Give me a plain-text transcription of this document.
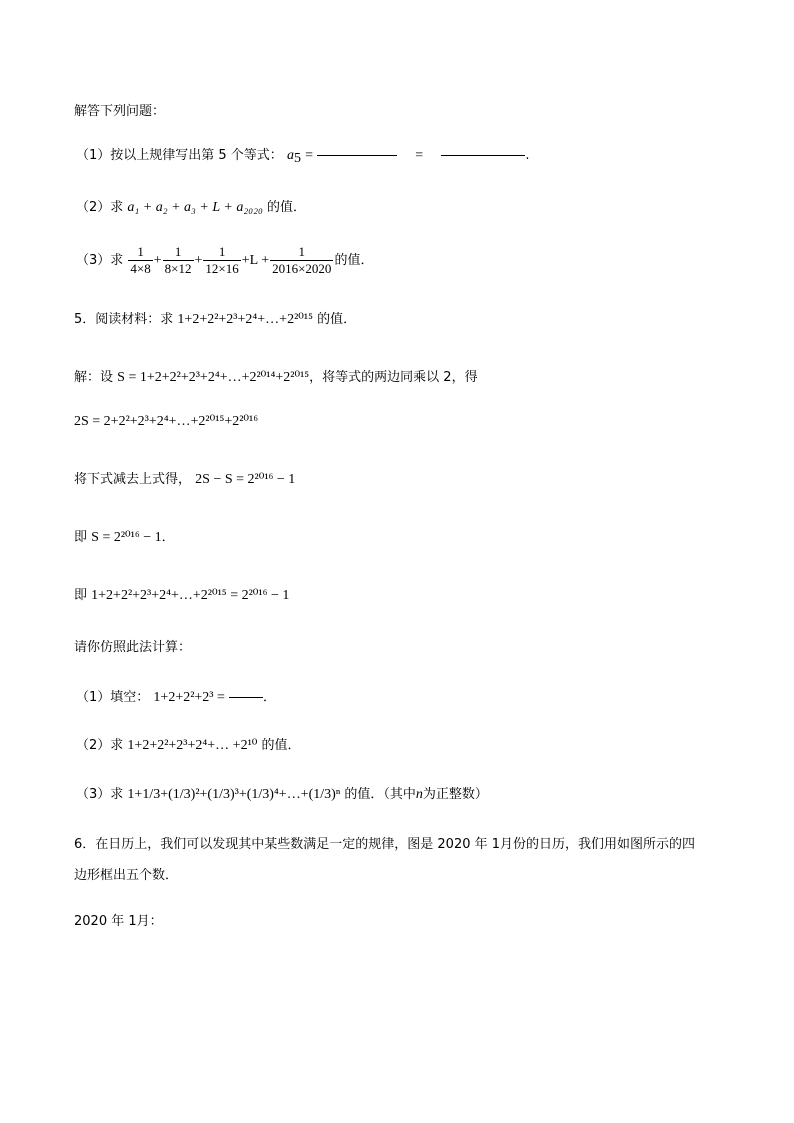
解答下列问题：
（1）按以上规律写出第 5 个等式： $a_5$ =	=	.
（2）求 a₁ + a₂ + a₃ + L + a₂₀₂₀ 的值．
（3）求 $\frac{1}{4\times 8} + \frac{1}{8\times 12} + \frac{1}{12\times 16} +L + \frac{1}{2016\times 2020}$ 的值．
5．阅读材料：求 1+2+2²+2³+2⁴+…+2²⁰¹⁵ 的值．
解：设 S = 1+2+2²+2³+2⁴+…+2²⁰¹⁴+2²⁰¹⁵，将等式的两边同乘以 2，得
2S = 2+2²+2³+2⁴+…+2²⁰¹⁵+2²⁰¹⁶
将下式减去上式得， 2S − S = 2²⁰¹⁶ − 1
即 S = 2²⁰¹⁶ − 1．
即 1+2+2²+2³+2⁴+…+2²⁰¹⁵ = 2²⁰¹⁶ − 1
请你仿照此法计算：
（1）填空： 1+2+2²+2³ =	．
（2）求 1+2+2²+2³+2⁴+… +2¹⁰ 的值．
（3）求 1+1/3+(1/3)²+(1/3)³+(1/3)⁴+…+(1/3)ⁿ 的值．（其中n为正整数）
6．在日历上，我们可以发现其中某些数满足一定的规律，图是 2020 年 1月份的日历，我们用如图所示的四
边形框出五个数．
2020 年 1月：
